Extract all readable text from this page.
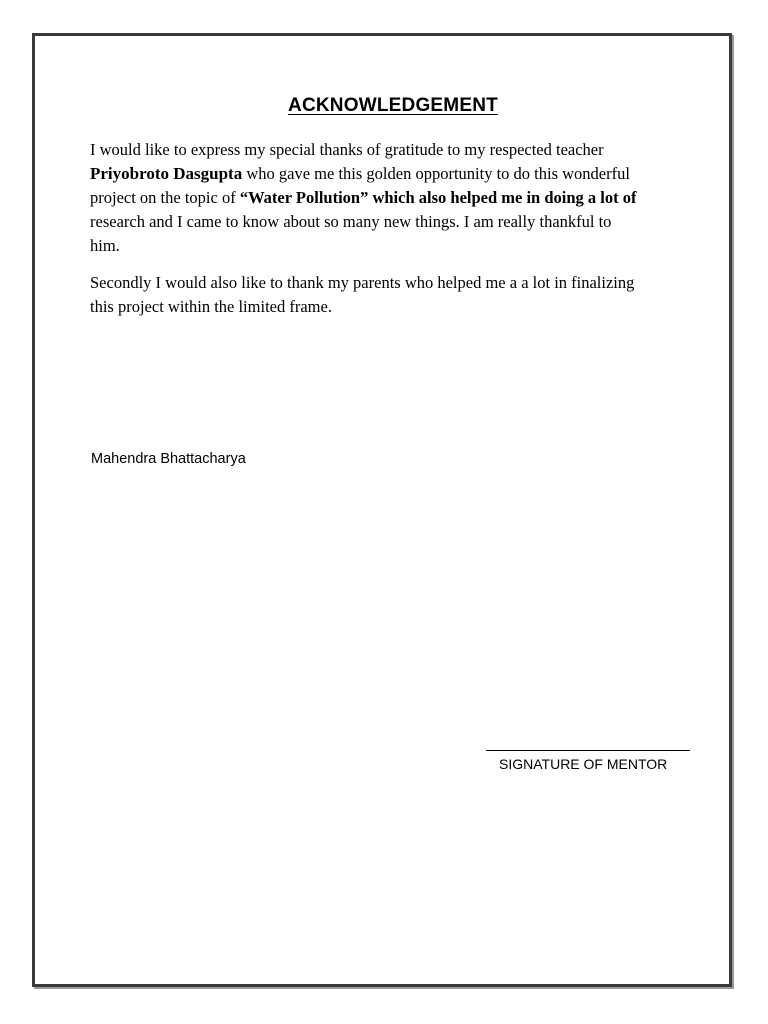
ACKNOWLEDGEMENT

I would like to express my special thanks of gratitude to my respected teacher
Priyobroto Dasgupta who gave me this golden opportunity to do this wonderful
project on the topic of “Water Pollution” which also helped me in doing a lot of
research and I came to know about so many new things. I am really thankful to
him.

Secondly I would also like to thank my parents who helped me a a lot in finalizing
this project within the limited frame.

Mahendra Bhattacharya
SIGNATURE OF MENTOR
